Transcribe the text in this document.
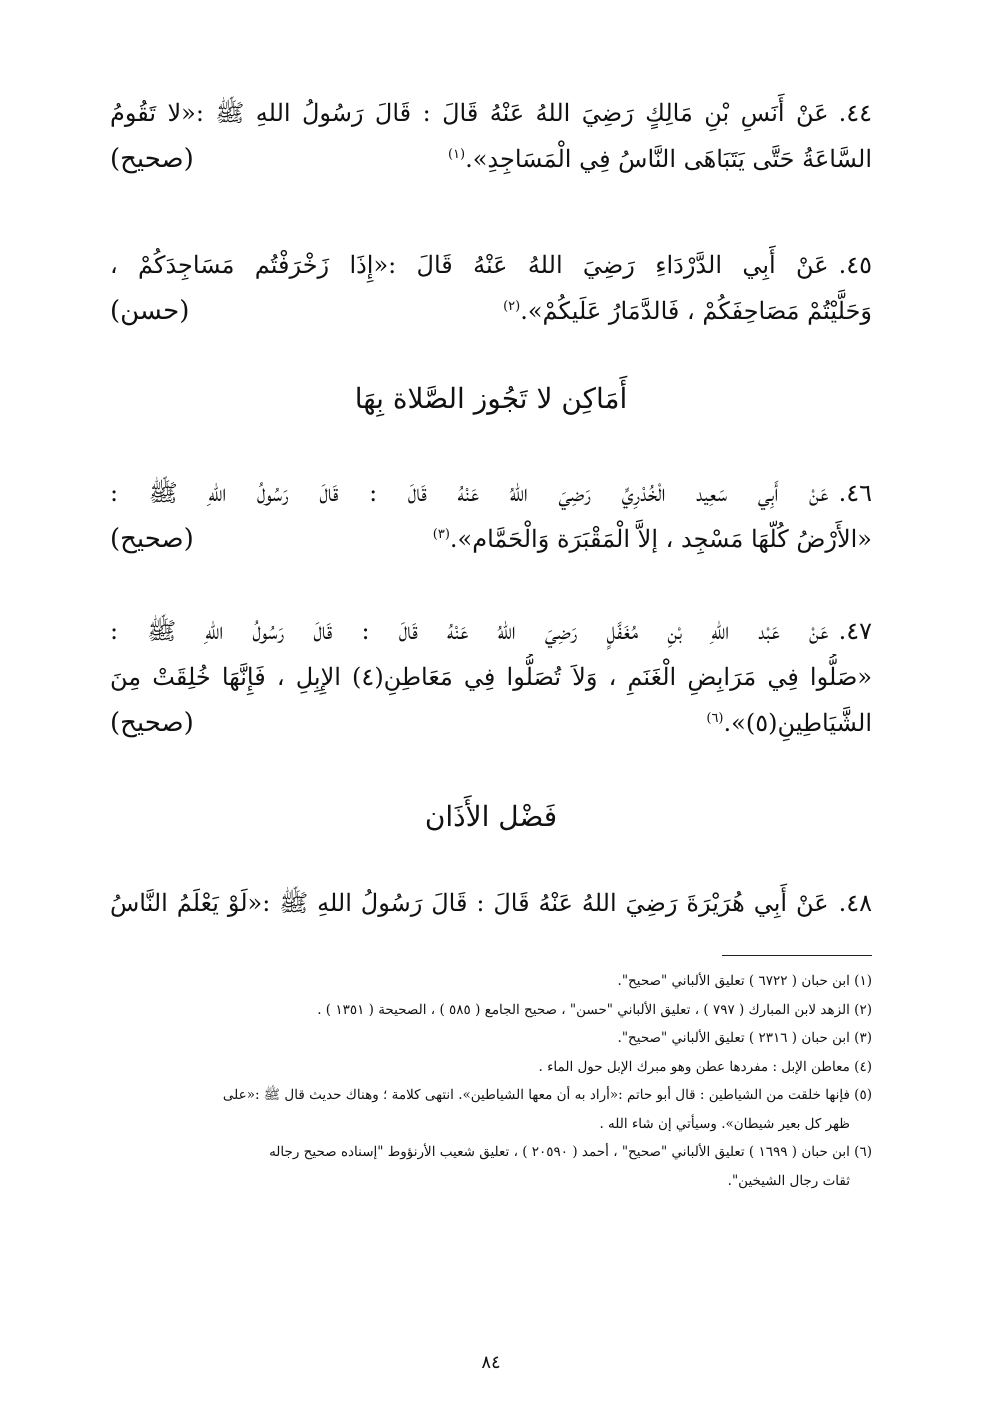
٤٤.عَنْ أَنَسِ بْنِ مَالِكٍ رَضِيَ اللهُ عَنْهُ قَالَ : قَالَ رَسُولُ اللهِ ﷺ :«لا تَقُومُ
السَّاعَةُ حَتَّى يَتَبَاهَى النَّاسُ فِي الْمَسَاجِدِ».$^{(١)}$
(صحيح)
٤٥.عَنْ أَبِي الدَّرْدَاءِ رَضِيَ اللهُ عَنْهُ قَالَ :«إِذَا زَخْرَفْتُم مَسَاجِدَكُمْ ،
وَحَلَّيْتُمْ مَصَاحِفَكُمْ ، فَالدَّمَارُ عَلَيكُمْ».$^{(٢)}$
(حسن)
أَمَاكِن لا تَجُوز الصَّلاة بِهَا
٤٦.عَنْ أَبِي سَعِيد الْخُدْرِيِّ رَضِيَ اللهُ عَنْهُ قَالَ : قَالَ رَسُولُ اللهِ ﷺ :
«الأَرْضُ كُلّهَا مَسْجِد ، إلاَّ الْمَقْبَرَة وَالْحَمَّام».$^{(٣)}$
(صحيح)
٤٧.عَنْ عَبْد اللهِ بْنِ مُغَفَّلٍ رَضِيَ اللهُ عَنْهُ قَالَ : قَالَ رَسُولُ اللهِ ﷺ :
«صَلُّوا فِي مَرَابِضِ الْغَنَمِ ، وَلاَ تُصَلُّوا فِي مَعَاطِنِ(٤) الإِبِلِ ، فَإِنَّهَا خُلِقَتْ مِنَ
الشَّيَاطِينِ(٥)».$^{(٦)}$
(صحيح)
فَضْل الأَذَان
٤٨.عَنْ أَبِي هُرَيْرَةَ رَضِيَ اللهُ عَنْهُ قَالَ : قَالَ رَسُولُ اللهِ ﷺ :«لَوْ يَعْلَمُ النَّاسُ

(١) ابن حبان ( ٦٧٢٢ ) تعليق الألباني "صحيح".

(٢) الزهد لابن المبارك ( ٧٩٧ ) ، تعليق الألباني "حسن" ، صحيح الجامع ( ٥٨٥ ) ، الصحيحة ( ١٣٥١ ) .

(٣) ابن حبان ( ٢٣١٦ ) تعليق الألباني "صحيح".

(٤) معاطن الإبل : مفردها عطن وهو مبرك الإبل حول الماء .

(٥) فإنها خلقت من الشياطين : قال أبو حاتم :«أراد به أن معها الشياطين». انتهى كلامة ؛ وهناك حديث قال ﷺ :«على
ظهر كل بعير شيطان». وسيأتي إن شاء الله .

(٦) ابن حبان ( ١٦٩٩ ) تعليق الألباني "صحيح" ، أحمد ( ٢٠٥٩٠ ) ، تعليق شعيب الأرنؤوط "إسناده صحيح رجاله
ثقات رجال الشيخين".

٨٤
